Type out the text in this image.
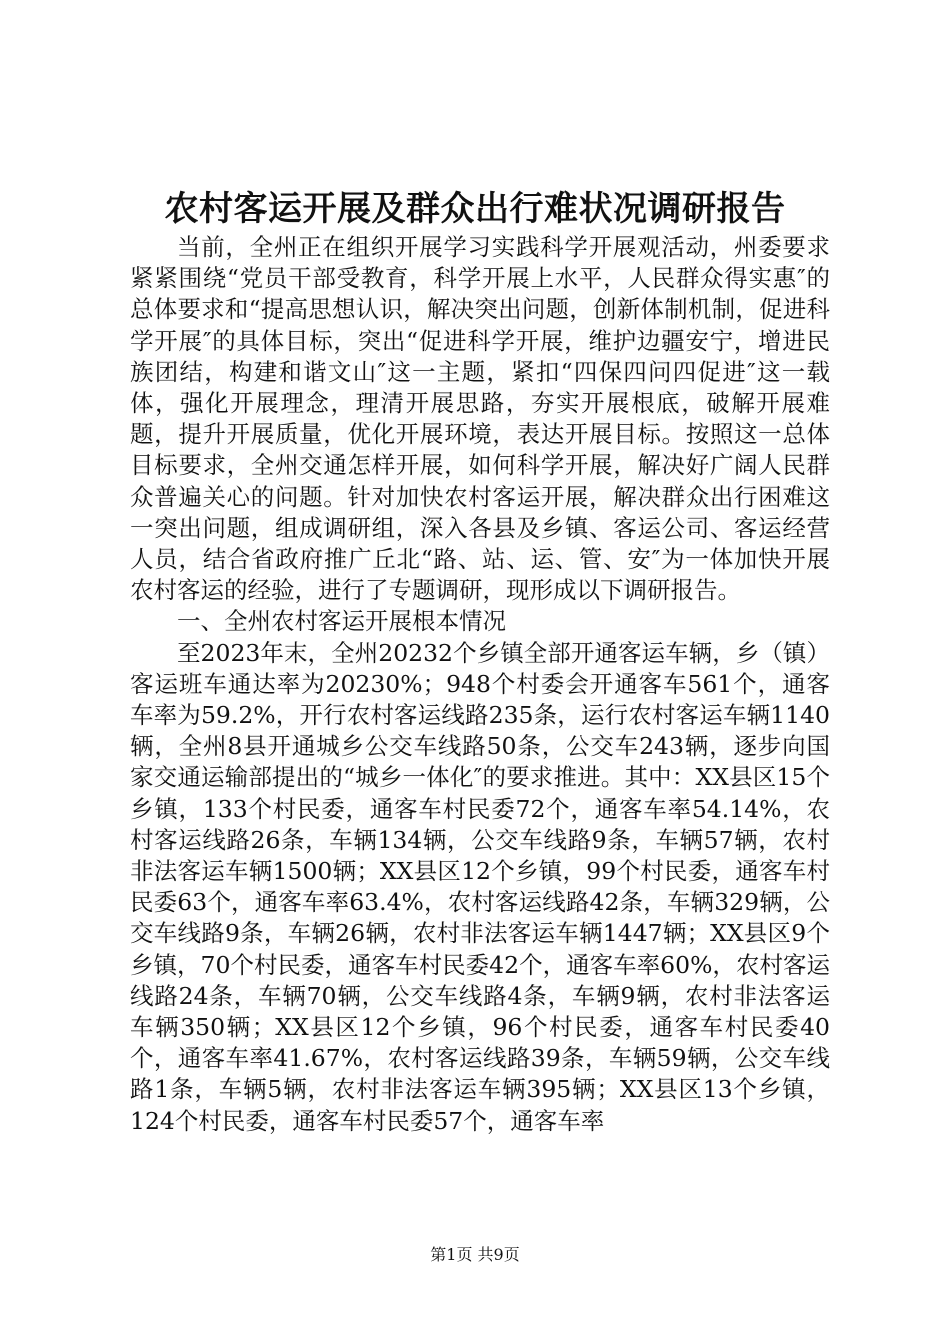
农村客运开展及群众出行难状况调研报告

当前，全州正在组织开展学习实践科学开展观活动，州委要求紧紧围绕“党员干部受教育，科学开展上水平，人民群众得实惠″的总体要求和“提高思想认识，解决突出问题，创新体制机制，促进科学开展″的具体目标，突出“促进科学开展，维护边疆安宁，增进民族团结，构建和谐文山″这一主题，紧扣“四保四问四促进″这一载体，强化开展理念，理清开展思路，夯实开展根底，破解开展难题，提升开展质量，优化开展环境，表达开展目标。按照这一总体目标要求，全州交通怎样开展，如何科学开展，解决好广阔人民群众普遍关心的问题。针对加快农村客运开展，解决群众出行困难这一突出问题，组成调研组，深入各县及乡镇、客运公司、客运经营人员，结合省政府推广丘北“路、站、运、管、安″为一体加快开展农村客运的经验，进行了专题调研，现形成以下调研报告。

一、全州农村客运开展根本情况

至2023年末，全州20232个乡镇全部开通客运车辆，乡（镇）客运班车通达率为20230%；948个村委会开通客车561个，通客车率为59.2%，开行农村客运线路235条，运行农村客运车辆1140辆，全州8县开通城乡公交车线路50条，公交车243辆，逐步向国家交通运输部提出的“城乡一体化″的要求推进。其中：XX县区15个乡镇，133个村民委，通客车村民委72个，通客车率54.14%，农村客运线路26条，车辆134辆，公交车线路9条，车辆57辆，农村非法客运车辆1500辆；XX县区12个乡镇，99个村民委，通客车村民委63个，通客车率63.4%，农村客运线路42条，车辆329辆，公交车线路9条，车辆26辆，农村非法客运车辆1447辆；XX县区9个乡镇，70个村民委，通客车村民委42个，通客车率60%，农村客运线路24条，车辆70辆，公交车线路4条，车辆9辆，农村非法客运车辆350辆；XX县区12个乡镇，96个村民委，通客车村民委40个，通客车率41.67%，农村客运线路39条，车辆59辆，公交车线路1条，车辆5辆，农村非法客运车辆395辆；XX县区13个乡镇，124个村民委，通客车村民委57个，通客车率

第1页 共9页
